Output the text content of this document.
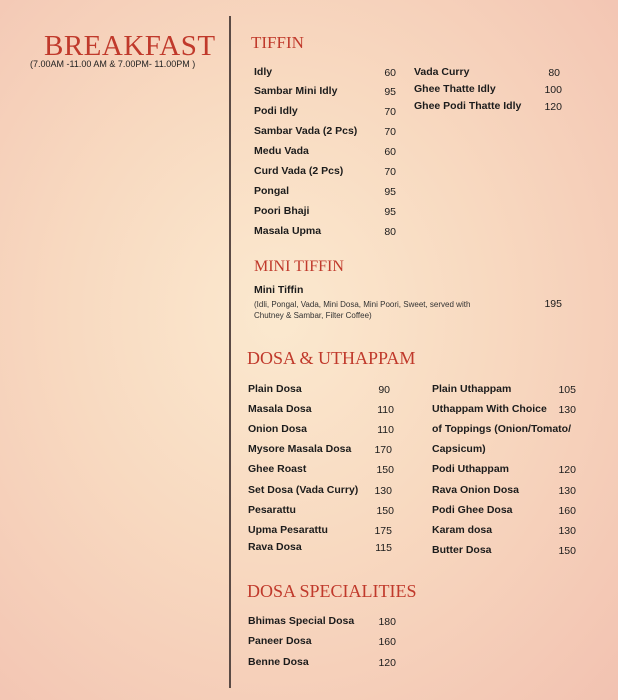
BREAKFAST

(7.00AM -11.00 AM & 7.00PM- 11.00PM )

TIFFIN
Idly	60
Sambar Mini Idly	95
Podi Idly	70
Sambar Vada (2 Pcs)	70
Medu Vada	60
Curd Vada (2 Pcs)	70
Pongal	95
Poori Bhaji	95
Masala Upma	80
Vada Curry	80
Ghee Thatte Idly	100
Ghee Podi Thatte Idly	120
MINI TIFFIN
Mini Tiffin
(Idli, Pongal, Vada, Mini Dosa, Mini Poori, Sweet, served with
Chutney & Sambar, Filter Coffee)
195
DOSA & UTHAPPAM
Plain Dosa	90
Masala Dosa	110
Onion Dosa	110
Mysore Masala Dosa	170
Ghee Roast	150
Set Dosa (Vada Curry)	130
Pesarattu	150
Upma Pesarattu	175
Rava Dosa	115
Plain Uthappam	105
Uthappam With Choice	130
of Toppings (Onion/Tomato/
Capsicum)
Podi Uthappam	120
Rava Onion Dosa	130
Podi Ghee Dosa	160
Karam dosa	130
Butter Dosa	150
DOSA SPECIALITIES
Bhimas Special Dosa	180
Paneer Dosa	160
Benne Dosa	120
